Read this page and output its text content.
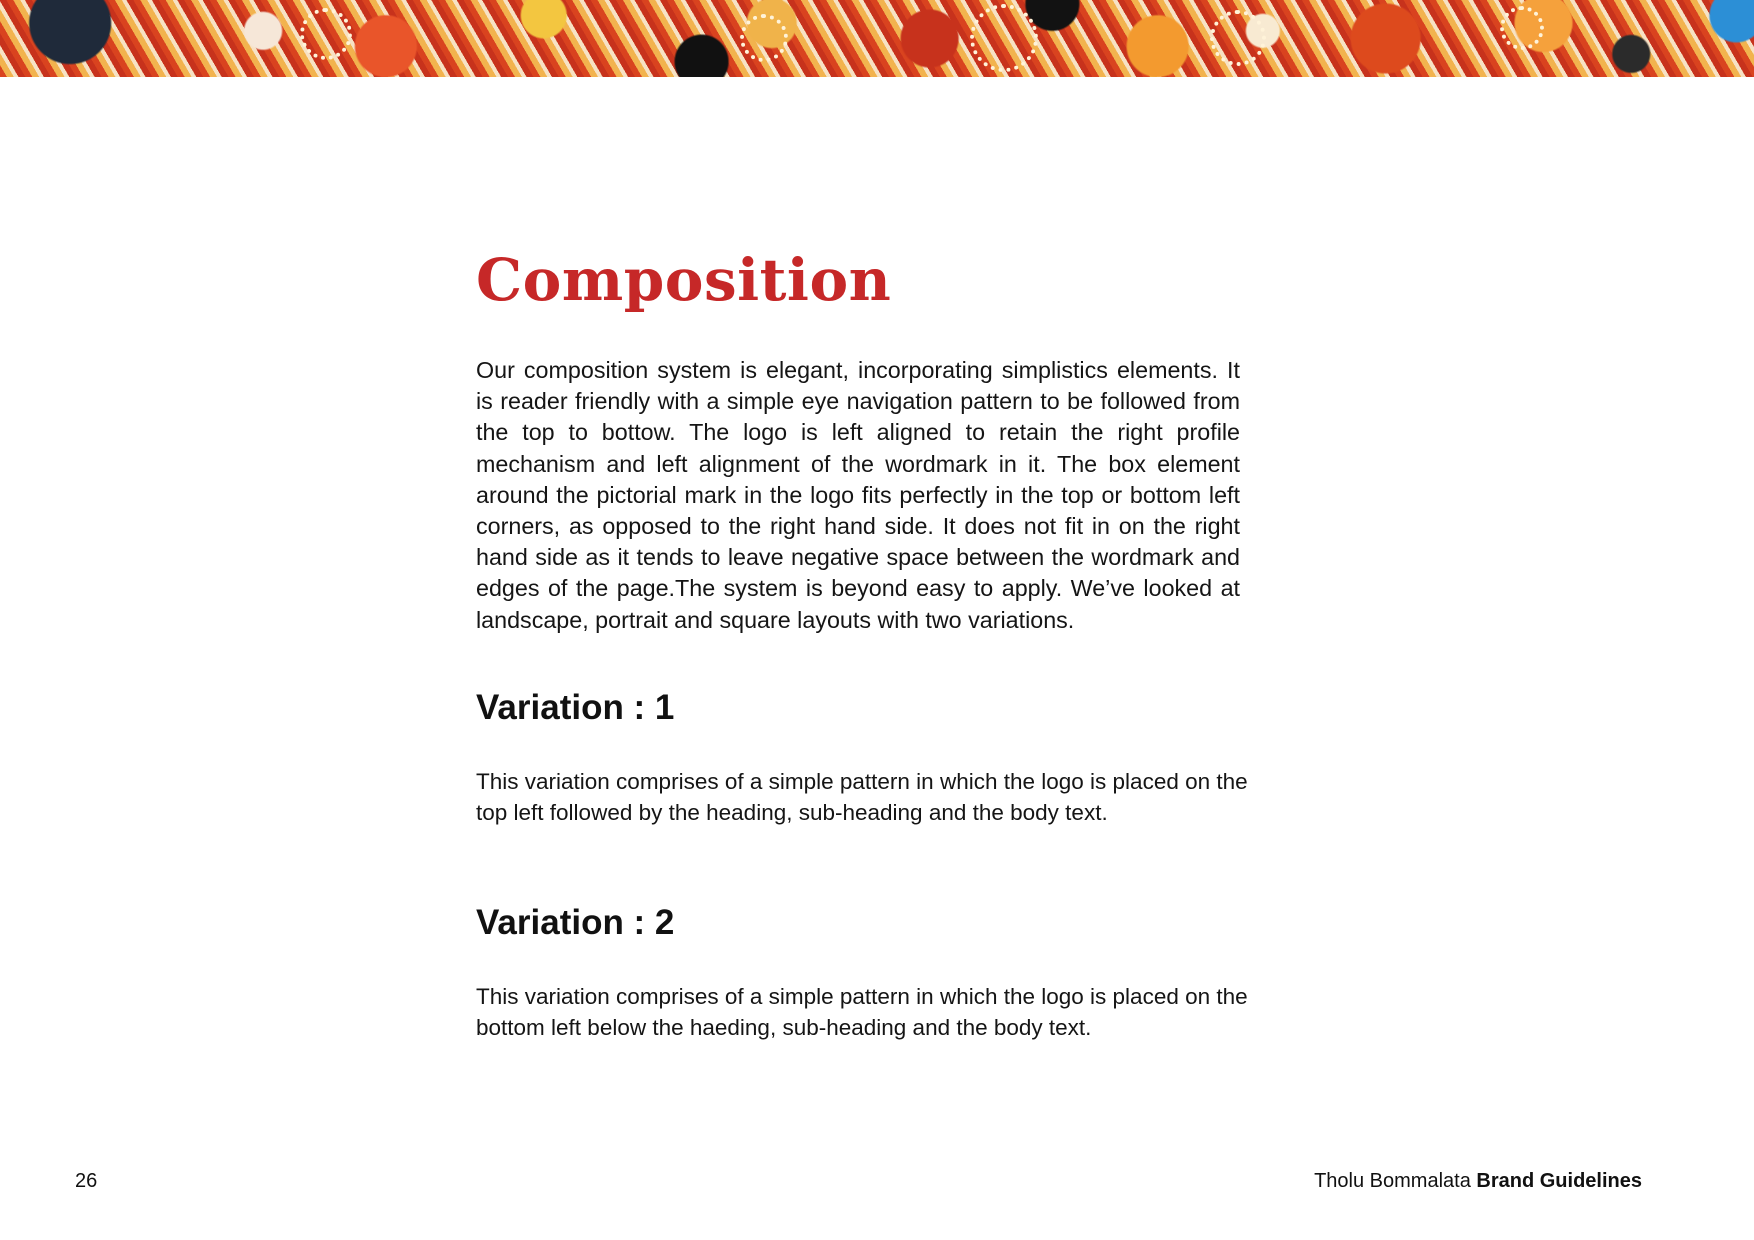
Composition

Our composition system is elegant, incorporating simplistics elements. It is reader friendly with a simple eye navigation pattern to be followed from the top to bottow. The logo is left aligned to retain the right profile mechanism and left alignment of the wordmark in it. The box element around the pictorial mark in the logo fits perfectly in the top or bottom left corners, as opposed to the right hand side. It does not fit in on the right hand side as it tends to leave negative space between the wordmark and edges of the page.The system is beyond easy to apply. We’ve looked at landscape, portrait and square layouts with two variations.

Variation : 1

This variation comprises of a simple pattern in which the logo is placed on the
top left followed by the heading, sub-heading and the body text.

Variation : 2

This variation comprises of a simple pattern in which the logo is placed on the
bottom left below the haeding, sub-heading and the body text.

26	Tholu Bommalata Brand Guidelines
